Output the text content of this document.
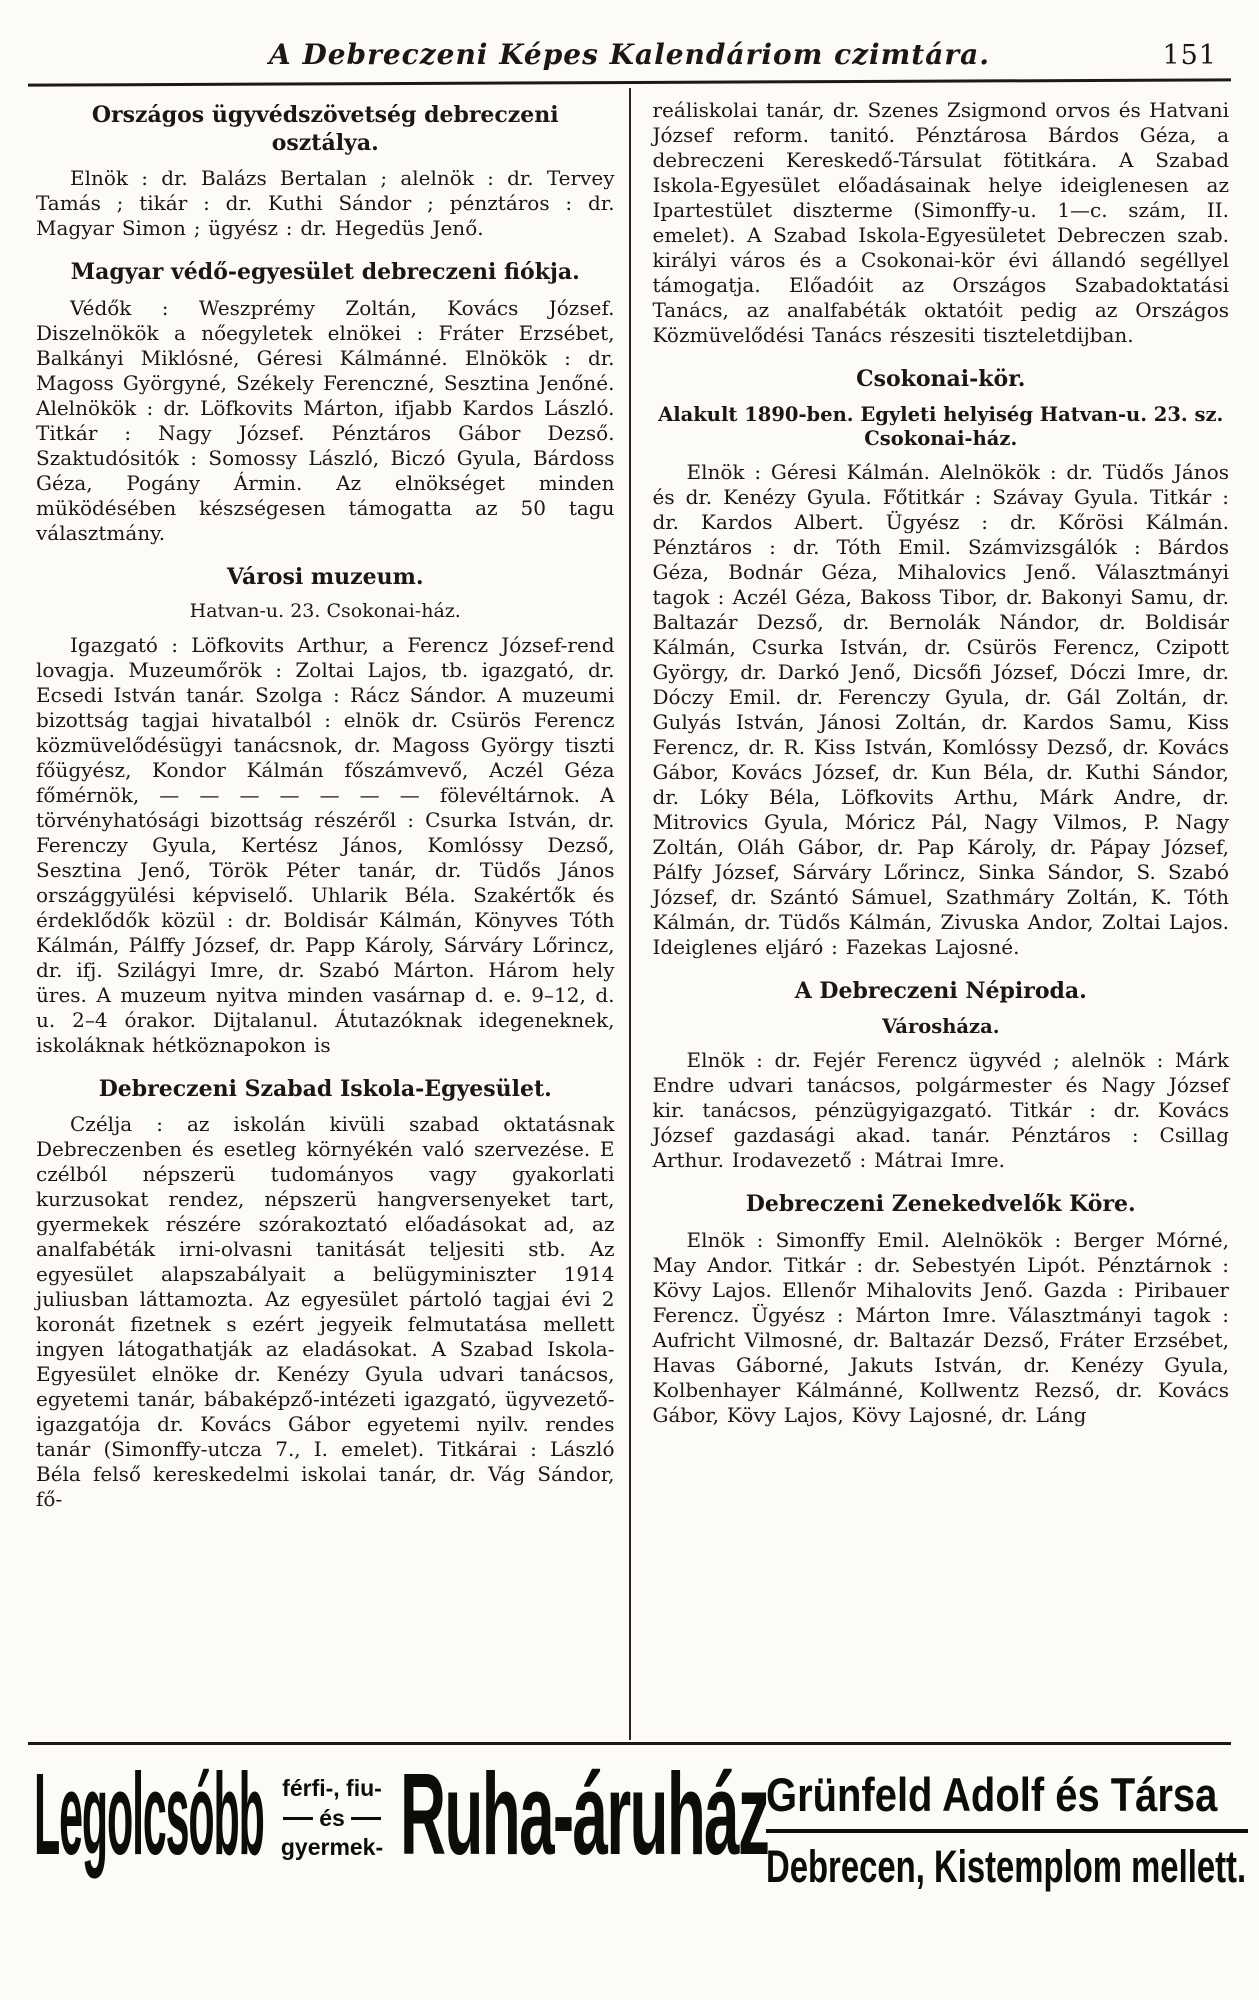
A Debreczeni Képes Kalendáriom czimtára.	151
Országos ügyvédszövetség debreczeni osztálya.

Elnök : dr. Balázs Bertalan ; alelnök : dr. Tervey Tamás ; tikár : dr. Kuthi Sándor ; pénztáros : dr. Magyar Simon ; ügyész : dr. Hegedüs Jenő.

Magyar védő-egyesület debreczeni fiókja.

Védők : Weszprémy Zoltán, Kovács József. Diszelnökök a nőegyletek elnökei : Fráter Erzsébet, Balkányi Miklósné, Géresi Kálmánné. Elnökök : dr. Magoss Györgyné, Székely Ferenczné, Sesztina Jenőné. Alelnökök : dr. Löfkovits Márton, ifjabb Kardos László. Titkár : Nagy József. Pénztáros Gábor Dezső. Szaktudósitók : Somossy László, Biczó Gyula, Bárdoss Géza, Pogány Ármin. Az elnökséget minden müködésében készségesen támogatta az 50 tagu választmány.

Városi muzeum.
Hatvan-u. 23. Csokonai-ház.

Igazgató : Löfkovits Arthur, a Ferencz József-rend lovagja. Muzeumőrök : Zoltai Lajos, tb. igazgató, dr. Ecsedi István tanár. Szolga : Rácz Sándor. A muzeumi bizottság tagjai hivatalból : elnök dr. Csürös Ferencz közmüvelődésügyi tanácsnok, dr. Magoss György tiszti főügyész, Kondor Kálmán főszámvevő, Aczél Géza főmérnök, — — — — — — — fölevéltárnok. A törvényhatósági bizottság részéről : Csurka István, dr. Ferenczy Gyula, Kertész János, Komlóssy Dezső, Sesztina Jenő, Török Péter tanár, dr. Tüdős János országgyülési képviselő. Uhlarik Béla. Szakértők és érdeklődők közül : dr. Boldisár Kálmán, Könyves Tóth Kálmán, Pálffy József, dr. Papp Károly, Sárváry Lőrincz, dr. ifj. Szilágyi Imre, dr. Szabó Márton. Három hely üres. A muzeum nyitva minden vasárnap d. e. 9–12, d. u. 2–4 órakor. Dijtalanul. Átutazóknak idegeneknek, iskoláknak hétköznapokon is

Debreczeni Szabad Iskola-Egyesület.

Czélja : az iskolán kivüli szabad oktatásnak Debreczenben és esetleg környékén való szervezése. E czélból népszerü tudományos vagy gyakorlati kurzusokat rendez, népszerü hangversenyeket tart, gyermekek részére szórakoztató előadásokat ad, az analfabéták irni-olvasni tanitását teljesiti stb. Az egyesület alapszabályait a belügyminiszter 1914 juliusban láttamozta. Az egyesület pártoló tagjai évi 2 koronát fizetnek s ezért jegyeik felmutatása mellett ingyen látogathatják az eladásokat. A Szabad Iskola-Egyesület elnöke dr. Kenézy Gyula udvari tanácsos, egyetemi tanár, bábaképző-intézeti igazgató, ügyvezető-igazgatója dr. Kovács Gábor egyetemi nyilv. rendes tanár (Simonffy-utcza 7., I. emelet). Titkárai : László Béla felső kereskedelmi iskolai tanár, dr. Vág Sándor, fő-

reáliskolai tanár, dr. Szenes Zsigmond orvos és Hatvani József reform. tanitó. Pénztárosa Bárdos Géza, a debreczeni Kereskedő-Társulat fötitkára. A Szabad Iskola-Egyesület előadásainak helye ideiglenesen az Ipartestület diszterme (Simonffy-u. 1—c. szám, II. emelet). A Szabad Iskola-Egyesületet Debreczen szab. királyi város és a Csokonai-kör évi állandó segéllyel támogatja. Előadóit az Országos Szabadoktatási Tanács, az analfabéták oktatóit pedig az Országos Közmüvelődési Tanács részesiti tiszteletdijban.

Csokonai-kör.
Alakult 1890-ben. Egyleti helyiség Hatvan-u. 23. sz. Csokonai-ház.

Elnök : Géresi Kálmán. Alelnökök : dr. Tüdős János és dr. Kenézy Gyula. Főtitkár : Szávay Gyula. Titkár : dr. Kardos Albert. Ügyész : dr. Kőrösi Kálmán. Pénztáros : dr. Tóth Emil. Számvizsgálók : Bárdos Géza, Bodnár Géza, Mihalovics Jenő. Választmányi tagok : Aczél Géza, Bakoss Tibor, dr. Bakonyi Samu, dr. Baltazár Dezső, dr. Bernolák Nándor, dr. Boldisár Kálmán, Csurka István, dr. Csürös Ferencz, Czipott György, dr. Darkó Jenő, Dicsőfi József, Dóczi Imre, dr. Dóczy Emil. dr. Ferenczy Gyula, dr. Gál Zoltán, dr. Gulyás István, Jánosi Zoltán, dr. Kardos Samu, Kiss Ferencz, dr. R. Kiss István, Komlóssy Dezső, dr. Kovács Gábor, Kovács József, dr. Kun Béla, dr. Kuthi Sándor, dr. Lóky Béla, Löfkovits Arthu, Márk Andre, dr. Mitrovics Gyula, Móricz Pál, Nagy Vilmos, P. Nagy Zoltán, Oláh Gábor, dr. Pap Károly, dr. Pápay József, Pálfy József, Sárváry Lőrincz, Sinka Sándor, S. Szabó József, dr. Szántó Sámuel, Szathmáry Zoltán, K. Tóth Kálmán, dr. Tüdős Kálmán, Zivuska Andor, Zoltai Lajos. Ideiglenes eljáró : Fazekas Lajosné.

A Debreczeni Népiroda.
Városháza.

Elnök : dr. Fejér Ferencz ügyvéd ; alelnök : Márk Endre udvari tanácsos, polgármester és Nagy József kir. tanácsos, pénzügyigazgató. Titkár : dr. Kovács József gazdasági akad. tanár. Pénztáros : Csillag Arthur. Irodavezető : Mátrai Imre.

Debreczeni Zenekedvelők Köre.

Elnök : Simonffy Emil. Alelnökök : Berger Mórné, May Andor. Titkár : dr. Sebestyén Lipót. Pénztárnok : Kövy Lajos. Ellenőr Mihalovits Jenő. Gazda : Piribauer Ferencz. Ügyész : Márton Imre. Választmányi tagok : Aufricht Vilmosné, dr. Baltazár Dezső, Fráter Erzsébet, Havas Gáborné, Jakuts István, dr. Kenézy Gyula, Kolbenhayer Kálmánné, Kollwentz Rezső, dr. Kovács Gábor, Kövy Lajos, Kövy Lajosné, dr. Láng

Legolcsóbb férfi-, fiu-
és
gyermek- Ruha-áruház
Grünfeld Adolf és Társa
Debrecen, Kistemplom mellett.
